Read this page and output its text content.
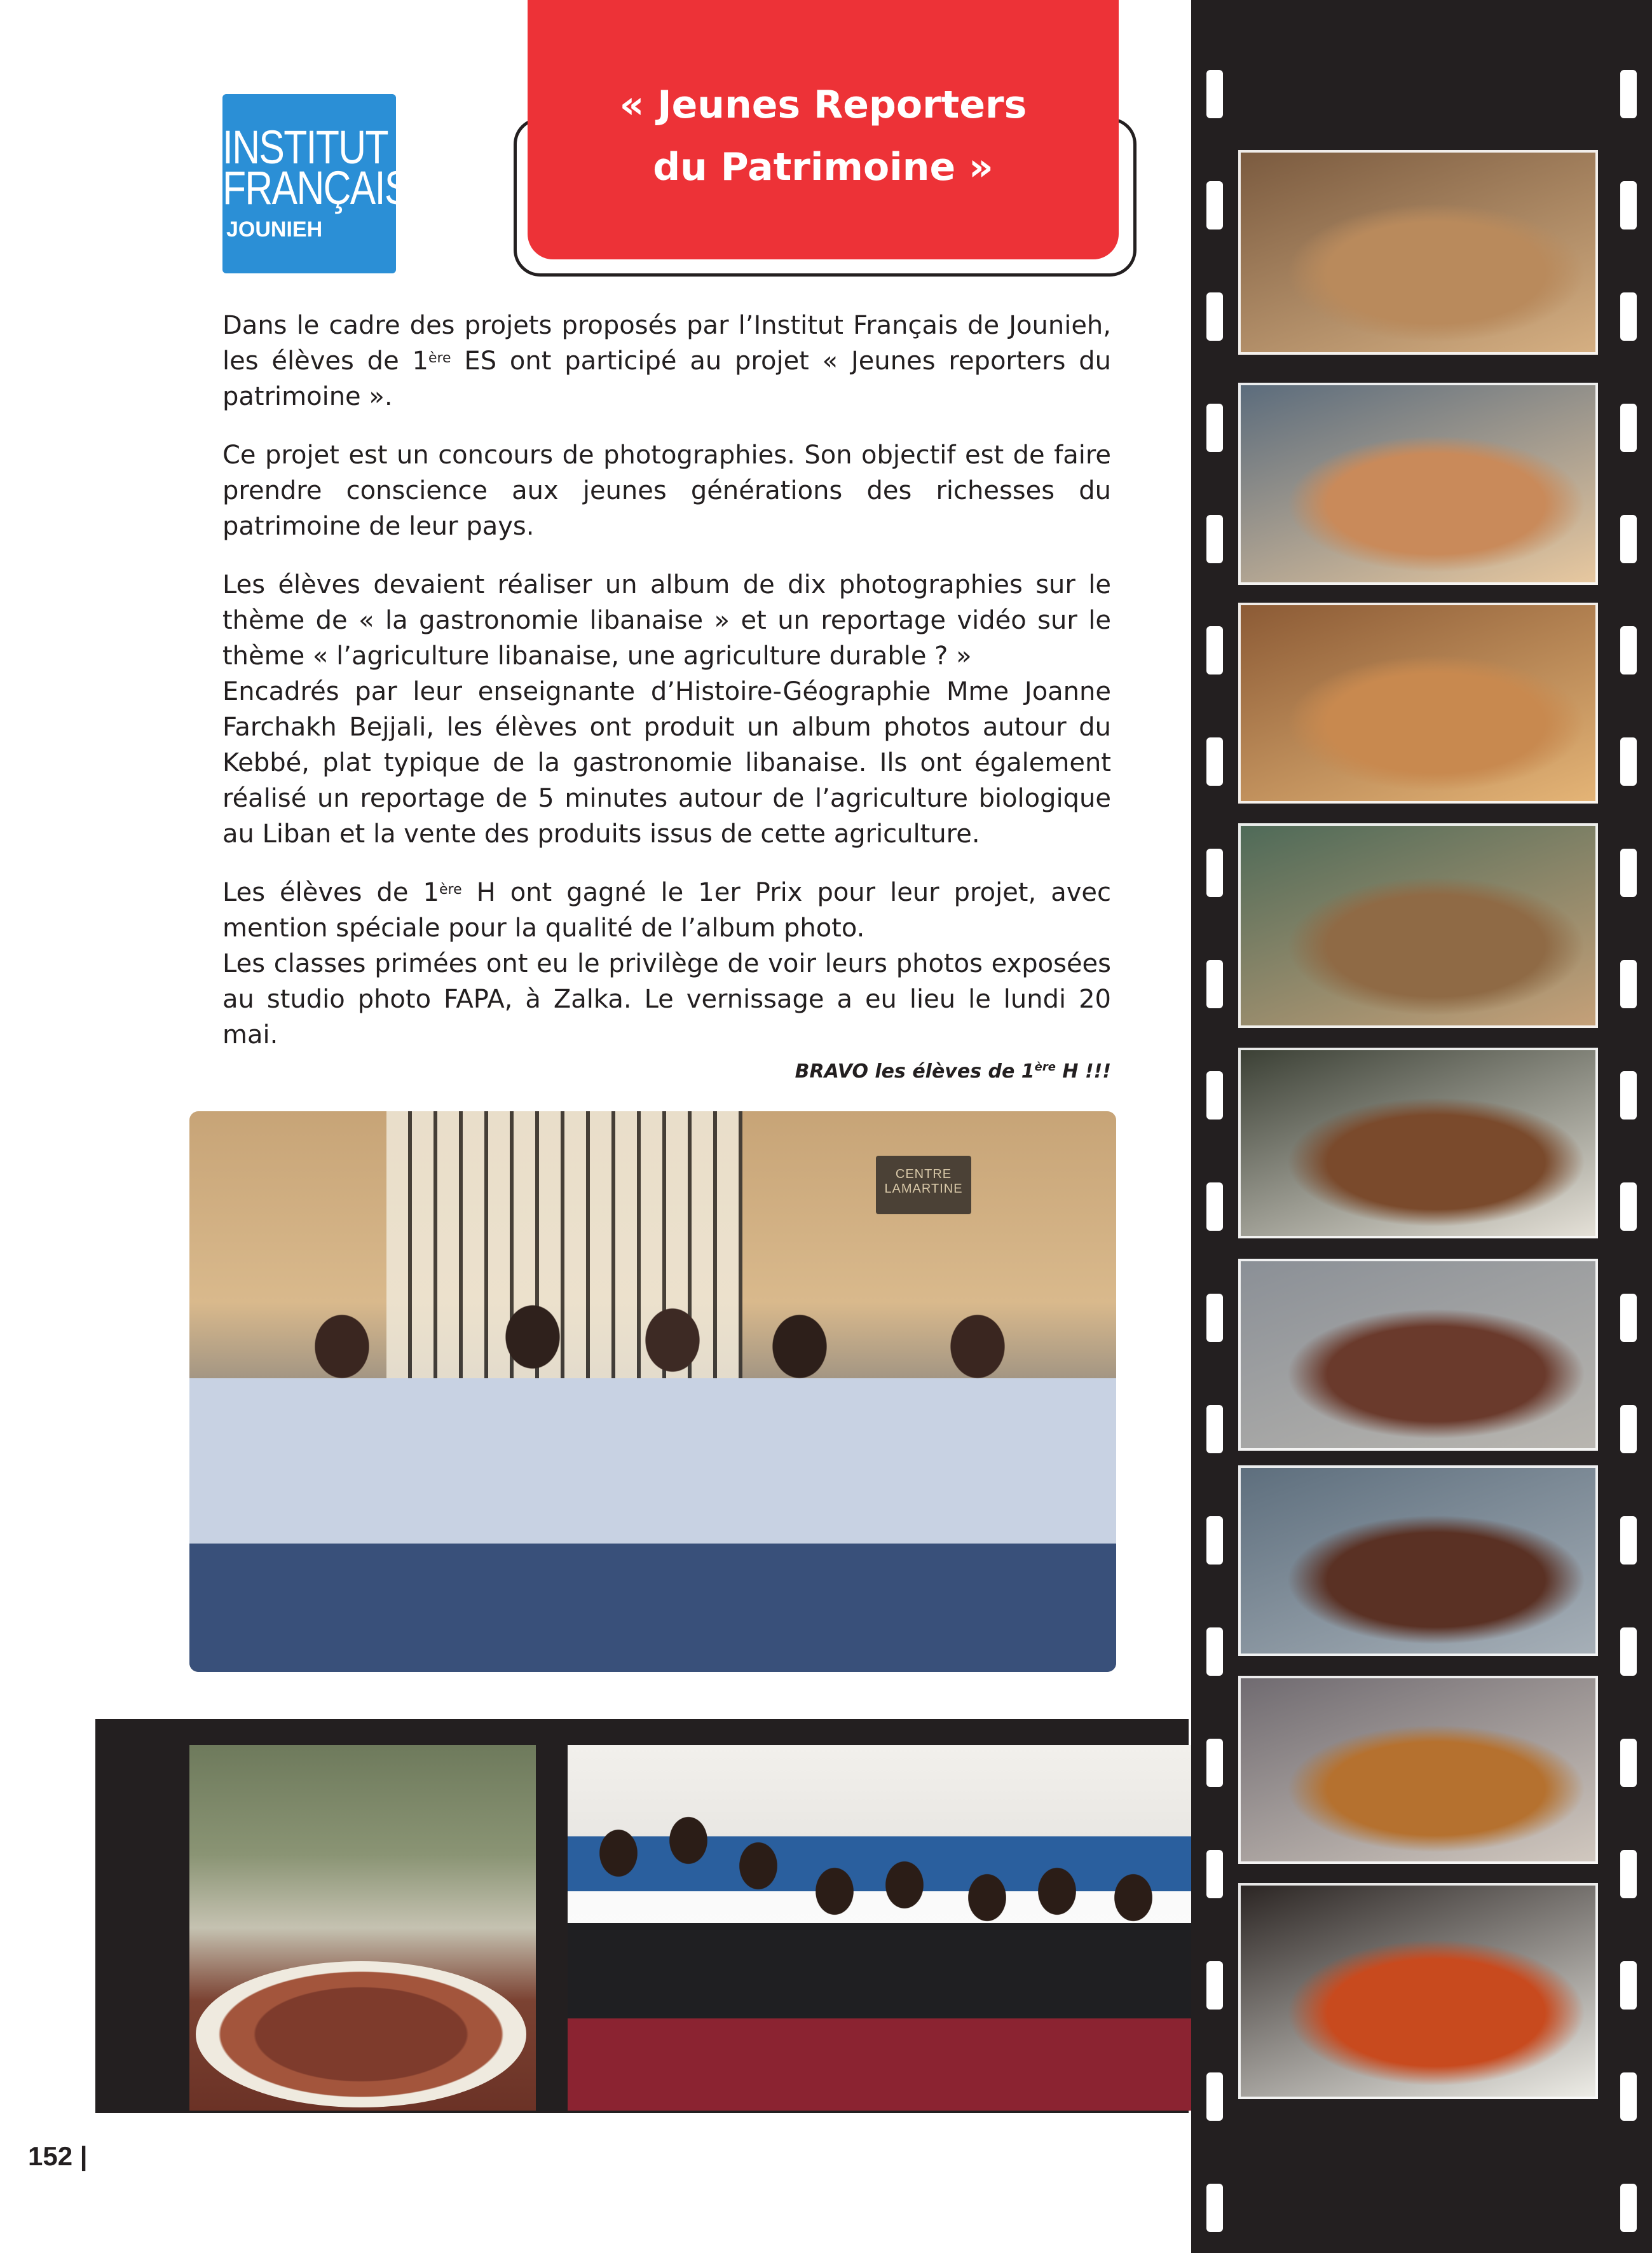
INSTITUT
FRANÇAIS
JOUNIEH
« Jeunes Reporters
du Patrimoine »

Dans le cadre des projets proposés par l’Institut Français de Jounieh, les élèves de 1ère ES ont participé au projet « Jeunes reporters du patrimoine ».

Ce projet est un concours de photographies. Son objectif est de faire prendre conscience aux jeunes générations des richesses du patrimoine de leur pays.

Les élèves devaient réaliser un album de dix photographies sur le thème de « la gastronomie libanaise » et un reportage vidéo sur le thème « l’agriculture libanaise, une agriculture durable ? »

Encadrés par leur enseignante d’Histoire-Géographie Mme Joanne Farchakh Bejjali, les élèves ont produit un album photos autour du Kebbé, plat typique de la gastronomie libanaise. Ils ont également réalisé un reportage de 5 minutes autour de l’agriculture biologique au Liban et la vente des produits issus de cette agriculture.

Les élèves de 1ère H ont gagné le 1er Prix pour leur projet, avec mention spéciale pour la qualité de l’album photo.

Les classes primées ont eu le privilège de voir leurs photos exposées au studio photo FAPA, à Zalka. Le vernissage a eu lieu le lundi 20 mai.

BRAVO les élèves de 1ère H !!!
CENTRE LAMARTINE
152 |
